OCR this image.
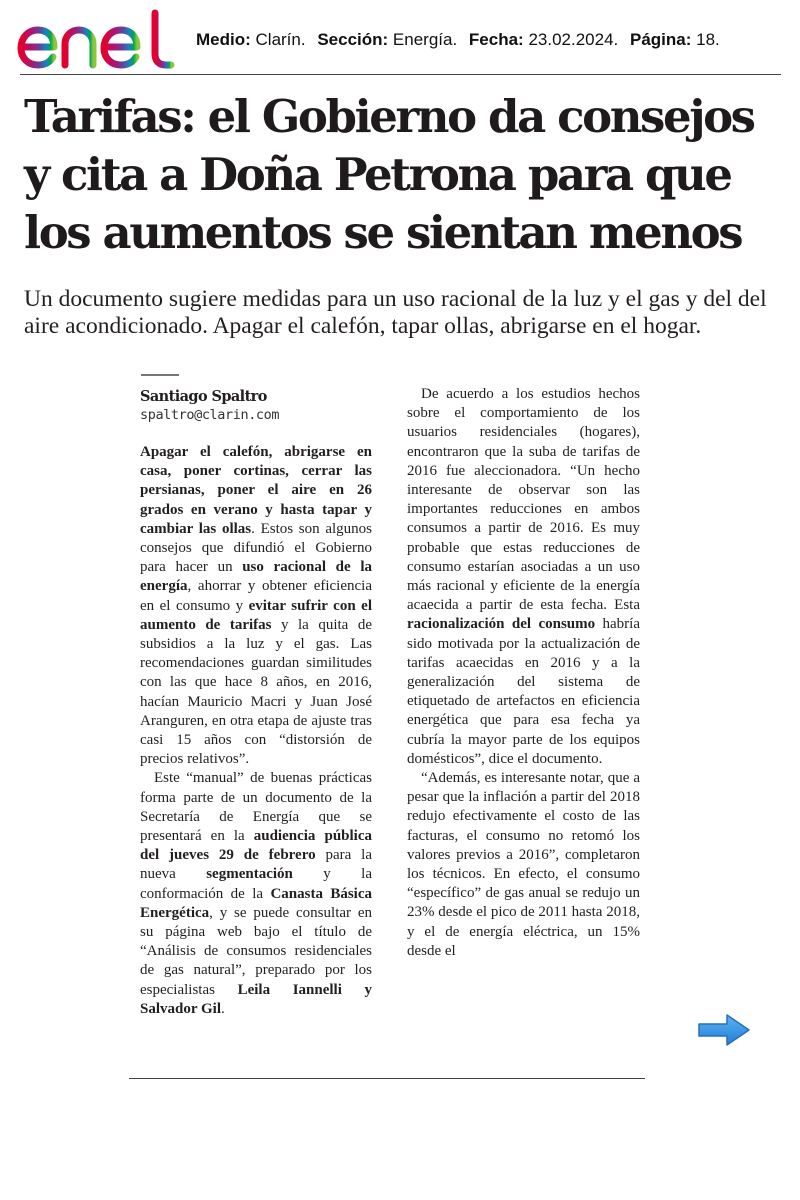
Medio: Clarín. Sección: Energía. Fecha: 23.02.2024. Página: 18.
Tarifas: el Gobierno da consejos y cita a Doña Petrona para que los aumentos se sientan menos

Un documento sugiere medidas para un uso racional de la luz y el gas y del del aire acondicionado. Apagar el calefón, tapar ollas, abrigarse en el hogar.

Santiago Spaltro
spaltro@clarin.com

Apagar el calefón, abrigarse en casa, poner cortinas, cerrar las persianas, poner el aire en 26 grados en verano y hasta tapar y cambiar las ollas. Estos son algunos consejos que difundió el Gobierno para hacer un uso racional de la energía, ahorrar y obtener eficiencia en el consumo y evitar sufrir con el aumento de tarifas y la quita de subsidios a la luz y el gas. Las recomendaciones guardan similitudes con las que hace 8 años, en 2016, hacían Mauricio Macri y Juan José Aranguren, en otra etapa de ajuste tras casi 15 años con “distorsión de precios relativos”.

Este “manual” de buenas prácticas forma parte de un documento de la Secretaría de Energía que se presentará en la audiencia pública del jueves 29 de febrero para la nueva segmentación y la conformación de la Canasta Básica Energética, y se puede consultar en su página web bajo el título de “Análisis de consumos residenciales de gas natural”, preparado por los especialistas Leila Iannelli y Salvador Gil.

De acuerdo a los estudios hechos sobre el comportamiento de los usuarios residenciales (hogares), encontraron que la suba de tarifas de 2016 fue aleccionadora. “Un hecho interesante de observar son las importantes reducciones en ambos consumos a partir de 2016. Es muy probable que estas reducciones de consumo estarían asociadas a un uso más racional y eficiente de la energía acaecida a partir de esta fecha. Esta racionalización del consumo habría sido motivada por la actualización de tarifas acaecidas en 2016 y a la generalización del sistema de etiquetado de artefactos en eficiencia energética que para esa fecha ya cubría la mayor parte de los equipos domésticos”, dice el documento.

“Además, es interesante notar, que a pesar que la inflación a partir del 2018 redujo efectivamente el costo de las facturas, el consumo no retomó los valores previos a 2016”, completaron los técnicos. En efecto, el consumo “específico” de gas anual se redujo un 23% desde el pico de 2011 hasta 2018, y el de energía eléctrica, un 15% desde el
